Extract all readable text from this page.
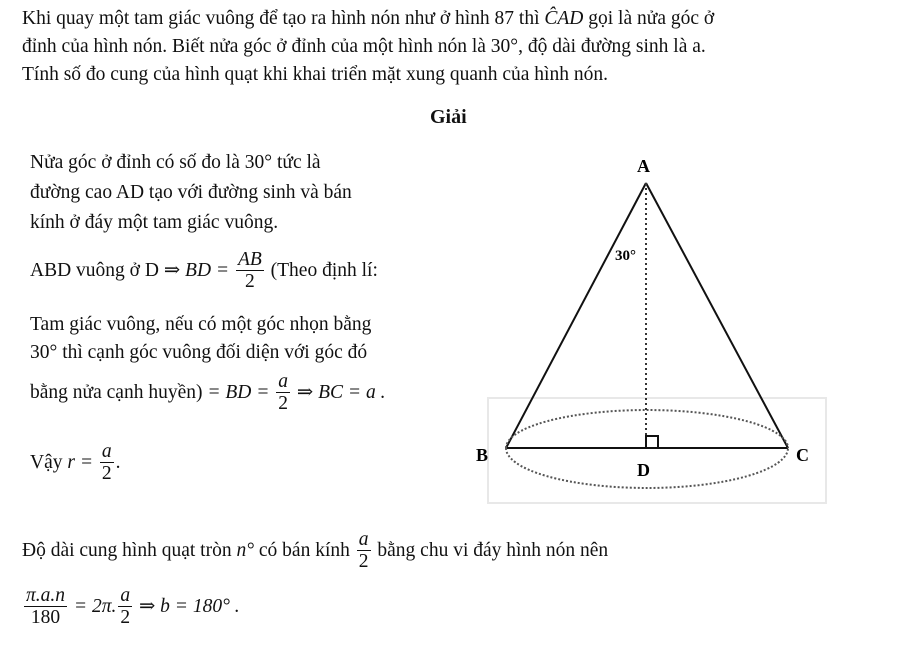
Khi quay một tam giác vuông để tạo ra hình nón như ở hình 87 thì ĈAD gọi là nửa góc ở
đỉnh của hình nón. Biết nửa góc ở đỉnh của một hình nón là 30°, độ dài đường sinh là a.
Tính số đo cung của hình quạt khi khai triển mặt xung quanh của hình nón.
Giải
Nửa góc ở đỉnh có số đo là 30° tức là
đường cao AD tạo với đường sinh và bán
kính ở đáy một tam giác vuông.
ABD vuông ở D ⇒ BD = $\frac{AB}{2}$ (Theo định lí:
Tam giác vuông, nếu có một góc nhọn bằng
30° thì cạnh góc vuông đối diện với góc đó
bằng nửa cạnh huyền) = BD = $\frac{a}{2}$ ⇒ BC = a .
Vậy $r = \frac{a}{2}$ .
Độ dài cung hình quạt tròn n° có bán kính $\frac{a}{2}$ bằng chu vi đáy hình nón nên
$\frac{\pi.a.n}{180} = 2\pi$. $\frac{a}{2}$ ⇒ b = 180° .
A
B	C
D
30°
